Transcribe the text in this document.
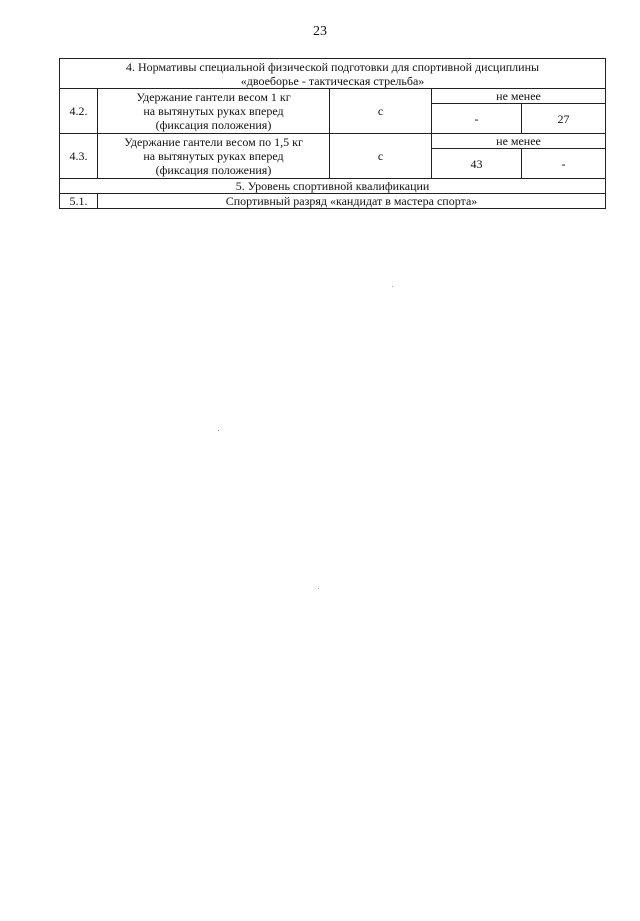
23
4. Нормативы специальной физической подготовки для спортивной дисциплины
«двоеборье - тактическая стрельба»				

4.2.	Удержание гантели весом 1 кг
на вытянутых руках вперед
(фиксация положения)	с	не менее	
			-	27
4.3.	Удержание гантели весом по 1,5 кг
на вытянутых руках вперед
(фиксация положения)	с	не менее	
			43	-
5. Уровень спортивной квалификации				
5.1.	Спортивный разряд «кандидат в мастера спорта»			
